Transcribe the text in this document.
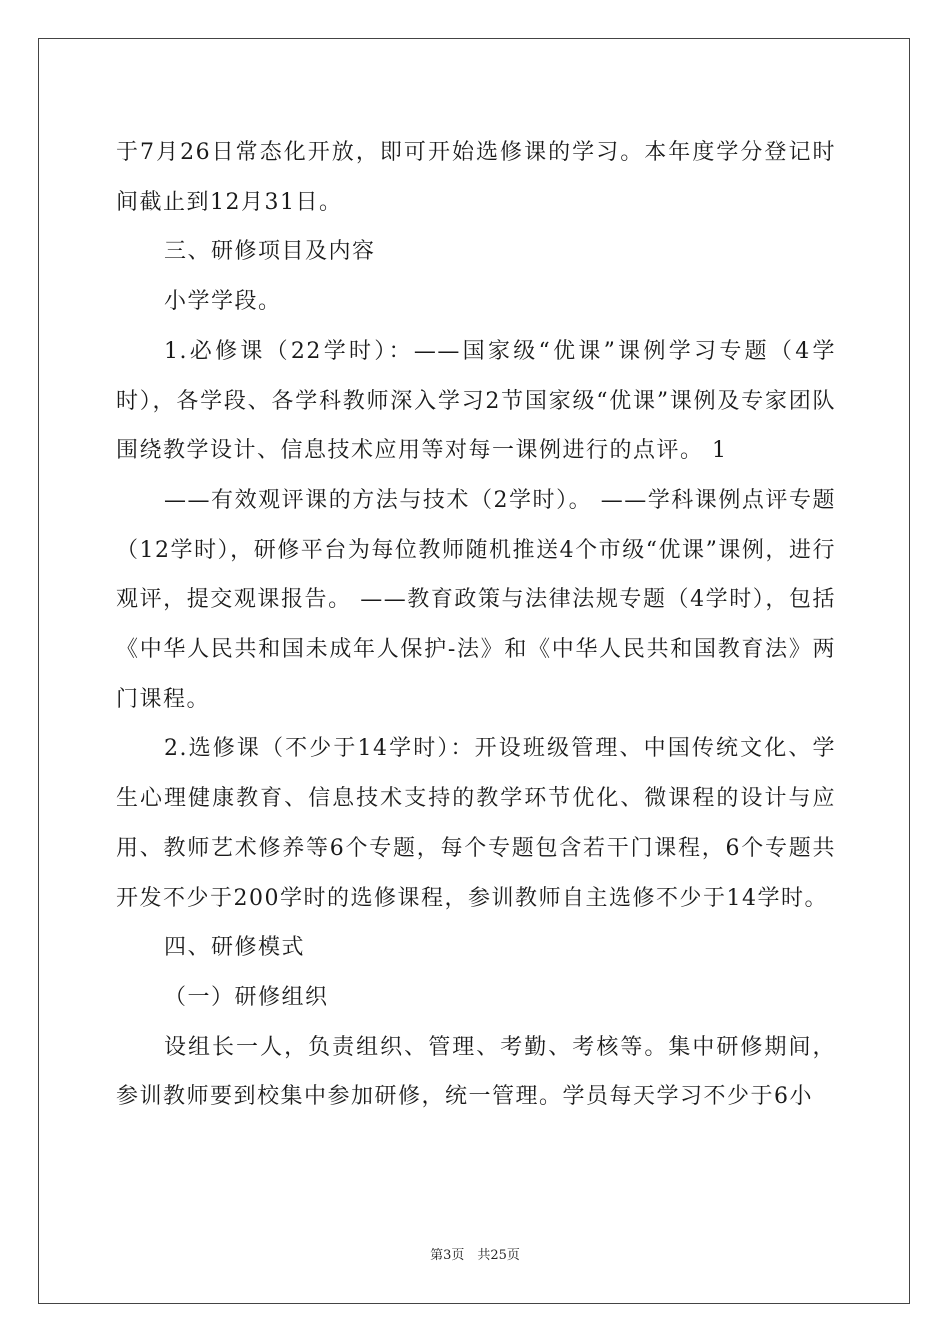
于7月26日常态化开放，即可开始选修课的学习。本年度学分登记时间截止到12月31日。

三、研修项目及内容

小学学段。

1.必修课（22学时）：——国家级“优课”课例学习专题（4学时），各学段、各学科教师深入学习2节国家级“优课”课例及专家团队围绕教学设计、信息技术应用等对每一课例进行的点评。 1

——有效观评课的方法与技术（2学时）。 ——学科课例点评专题（12学时），研修平台为每位教师随机推送4个市级“优课”课例，进行观评，提交观课报告。 ——教育政策与法律法规专题（4学时），包括《中华人民共和国未成年人保护-法》和《中华人民共和国教育法》两门课程。

2.选修课（不少于14学时）：开设班级管理、中国传统文化、学生心理健康教育、信息技术支持的教学环节优化、微课程的设计与应用、教师艺术修养等6个专题，每个专题包含若干门课程，6个专题共开发不少于200学时的选修课程，参训教师自主选修不少于14学时。

四、研修模式

（一）研修组织

设组长一人，负责组织、管理、考勤、考核等。集中研修期间，参训教师要到校集中参加研修，统一管理。学员每天学习不少于6小

第3页　共25页
